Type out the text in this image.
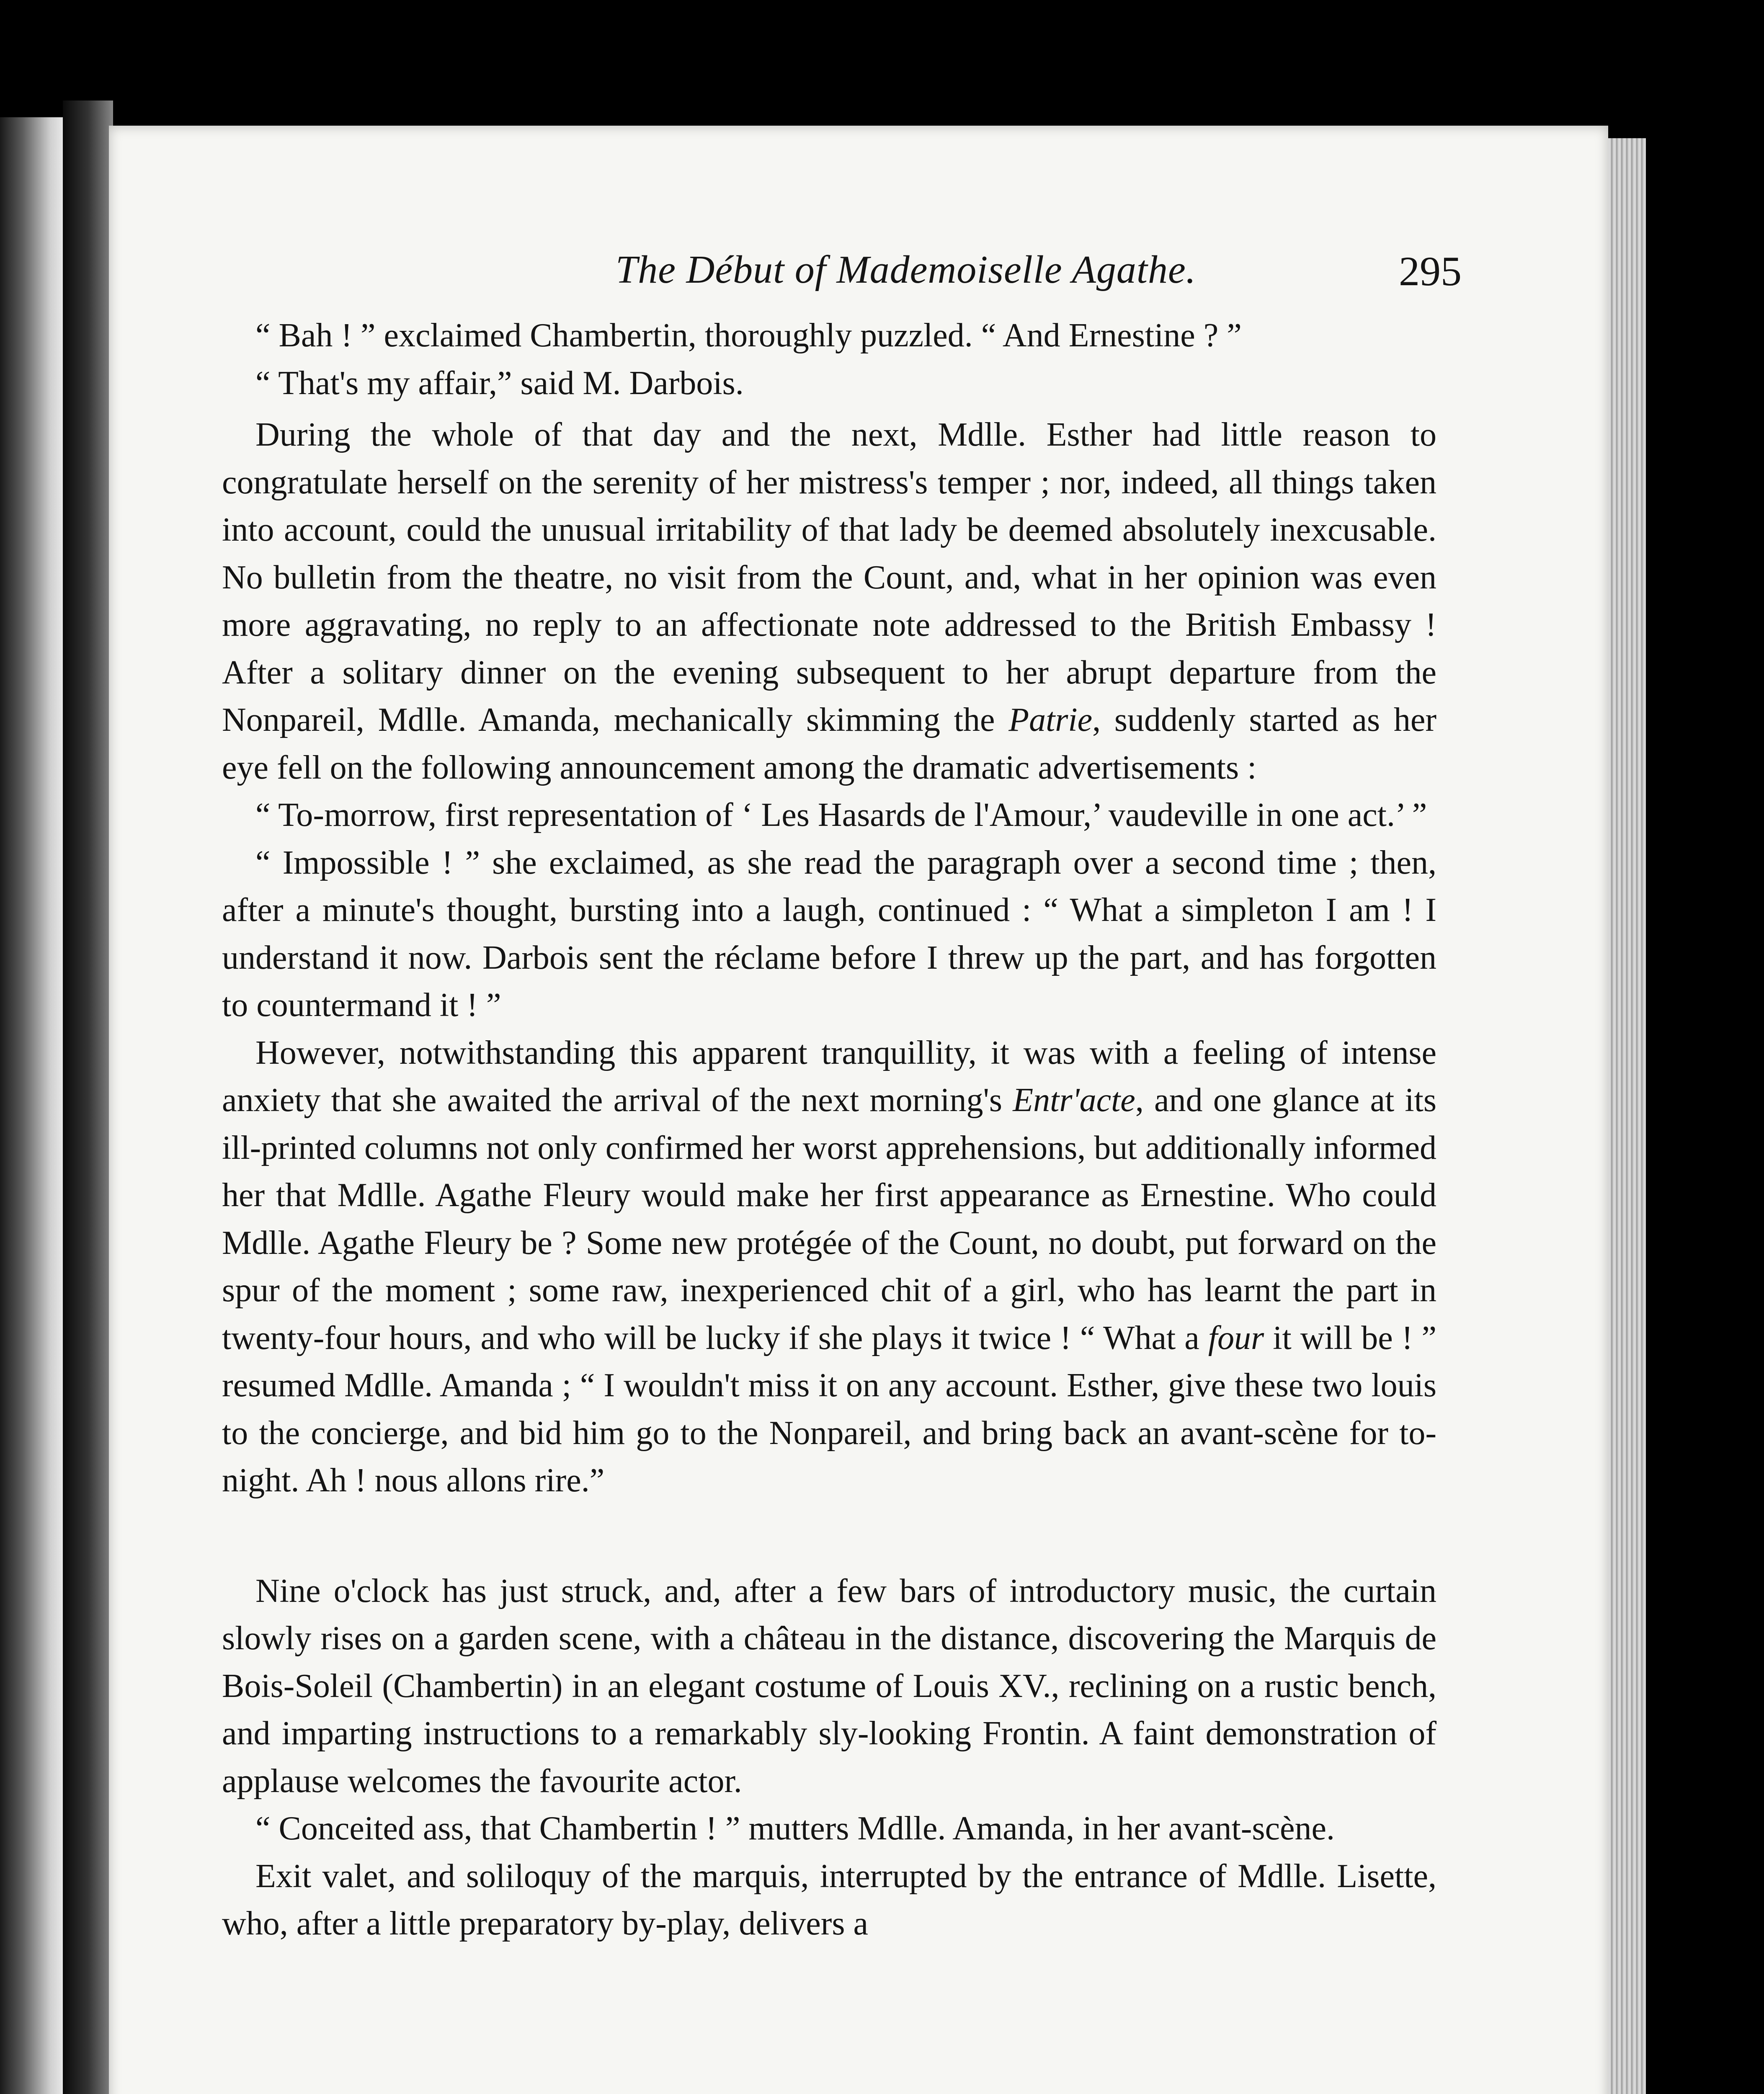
The Début of Mademoiselle Agathe.	295

“ Bah ! ” exclaimed Chambertin, thoroughly puzzled. “ And Ernestine ? ”

“ That's my affair,” said M. Darbois.

During the whole of that day and the next, Mdlle. Esther had little reason to congratulate herself on the serenity of her mistress's temper ; nor, indeed, all things taken into account, could the unusual irritability of that lady be deemed absolutely inexcusable. No bulletin from the theatre, no visit from the Count, and, what in her opinion was even more aggravating, no reply to an affectionate note addressed to the British Embassy ! After a solitary dinner on the evening subsequent to her abrupt departure from the Nonpareil, Mdlle. Amanda, mechanically skimming the Patrie, suddenly started as her eye fell on the following announcement among the dramatic advertisements :

“ To-morrow, first representation of ‘ Les Hasards de l'Amour,’ vaudeville in one act.’ ”

“ Impossible ! ” she exclaimed, as she read the paragraph over a second time ; then, after a minute's thought, bursting into a laugh, continued : “ What a simpleton I am ! I understand it now. Darbois sent the réclame before I threw up the part, and has forgotten to countermand it ! ”

However, notwithstanding this apparent tranquillity, it was with a feeling of intense anxiety that she awaited the arrival of the next morning's Entr'acte, and one glance at its ill-printed columns not only confirmed her worst apprehensions, but additionally informed her that Mdlle. Agathe Fleury would make her first appearance as Ernestine. Who could Mdlle. Agathe Fleury be ? Some new protégée of the Count, no doubt, put forward on the spur of the moment ; some raw, inexperienced chit of a girl, who has learnt the part in twenty-four hours, and who will be lucky if she plays it twice ! “ What a four it will be ! ” resumed Mdlle. Amanda ; “ I wouldn't miss it on any account. Esther, give these two louis to the concierge, and bid him go to the Nonpareil, and bring back an avant-scène for to-night. Ah ! nous allons rire.”

Nine o'clock has just struck, and, after a few bars of introductory music, the curtain slowly rises on a garden scene, with a château in the distance, discovering the Marquis de Bois-Soleil (Chambertin) in an elegant costume of Louis XV., reclining on a rustic bench, and imparting instructions to a remarkably sly-looking Frontin. A faint demonstration of applause welcomes the favourite actor.

“ Conceited ass, that Chambertin ! ” mutters Mdlle. Amanda, in her avant-scène.

Exit valet, and soliloquy of the marquis, interrupted by the entrance of Mdlle. Lisette, who, after a little preparatory by-play, delivers a
